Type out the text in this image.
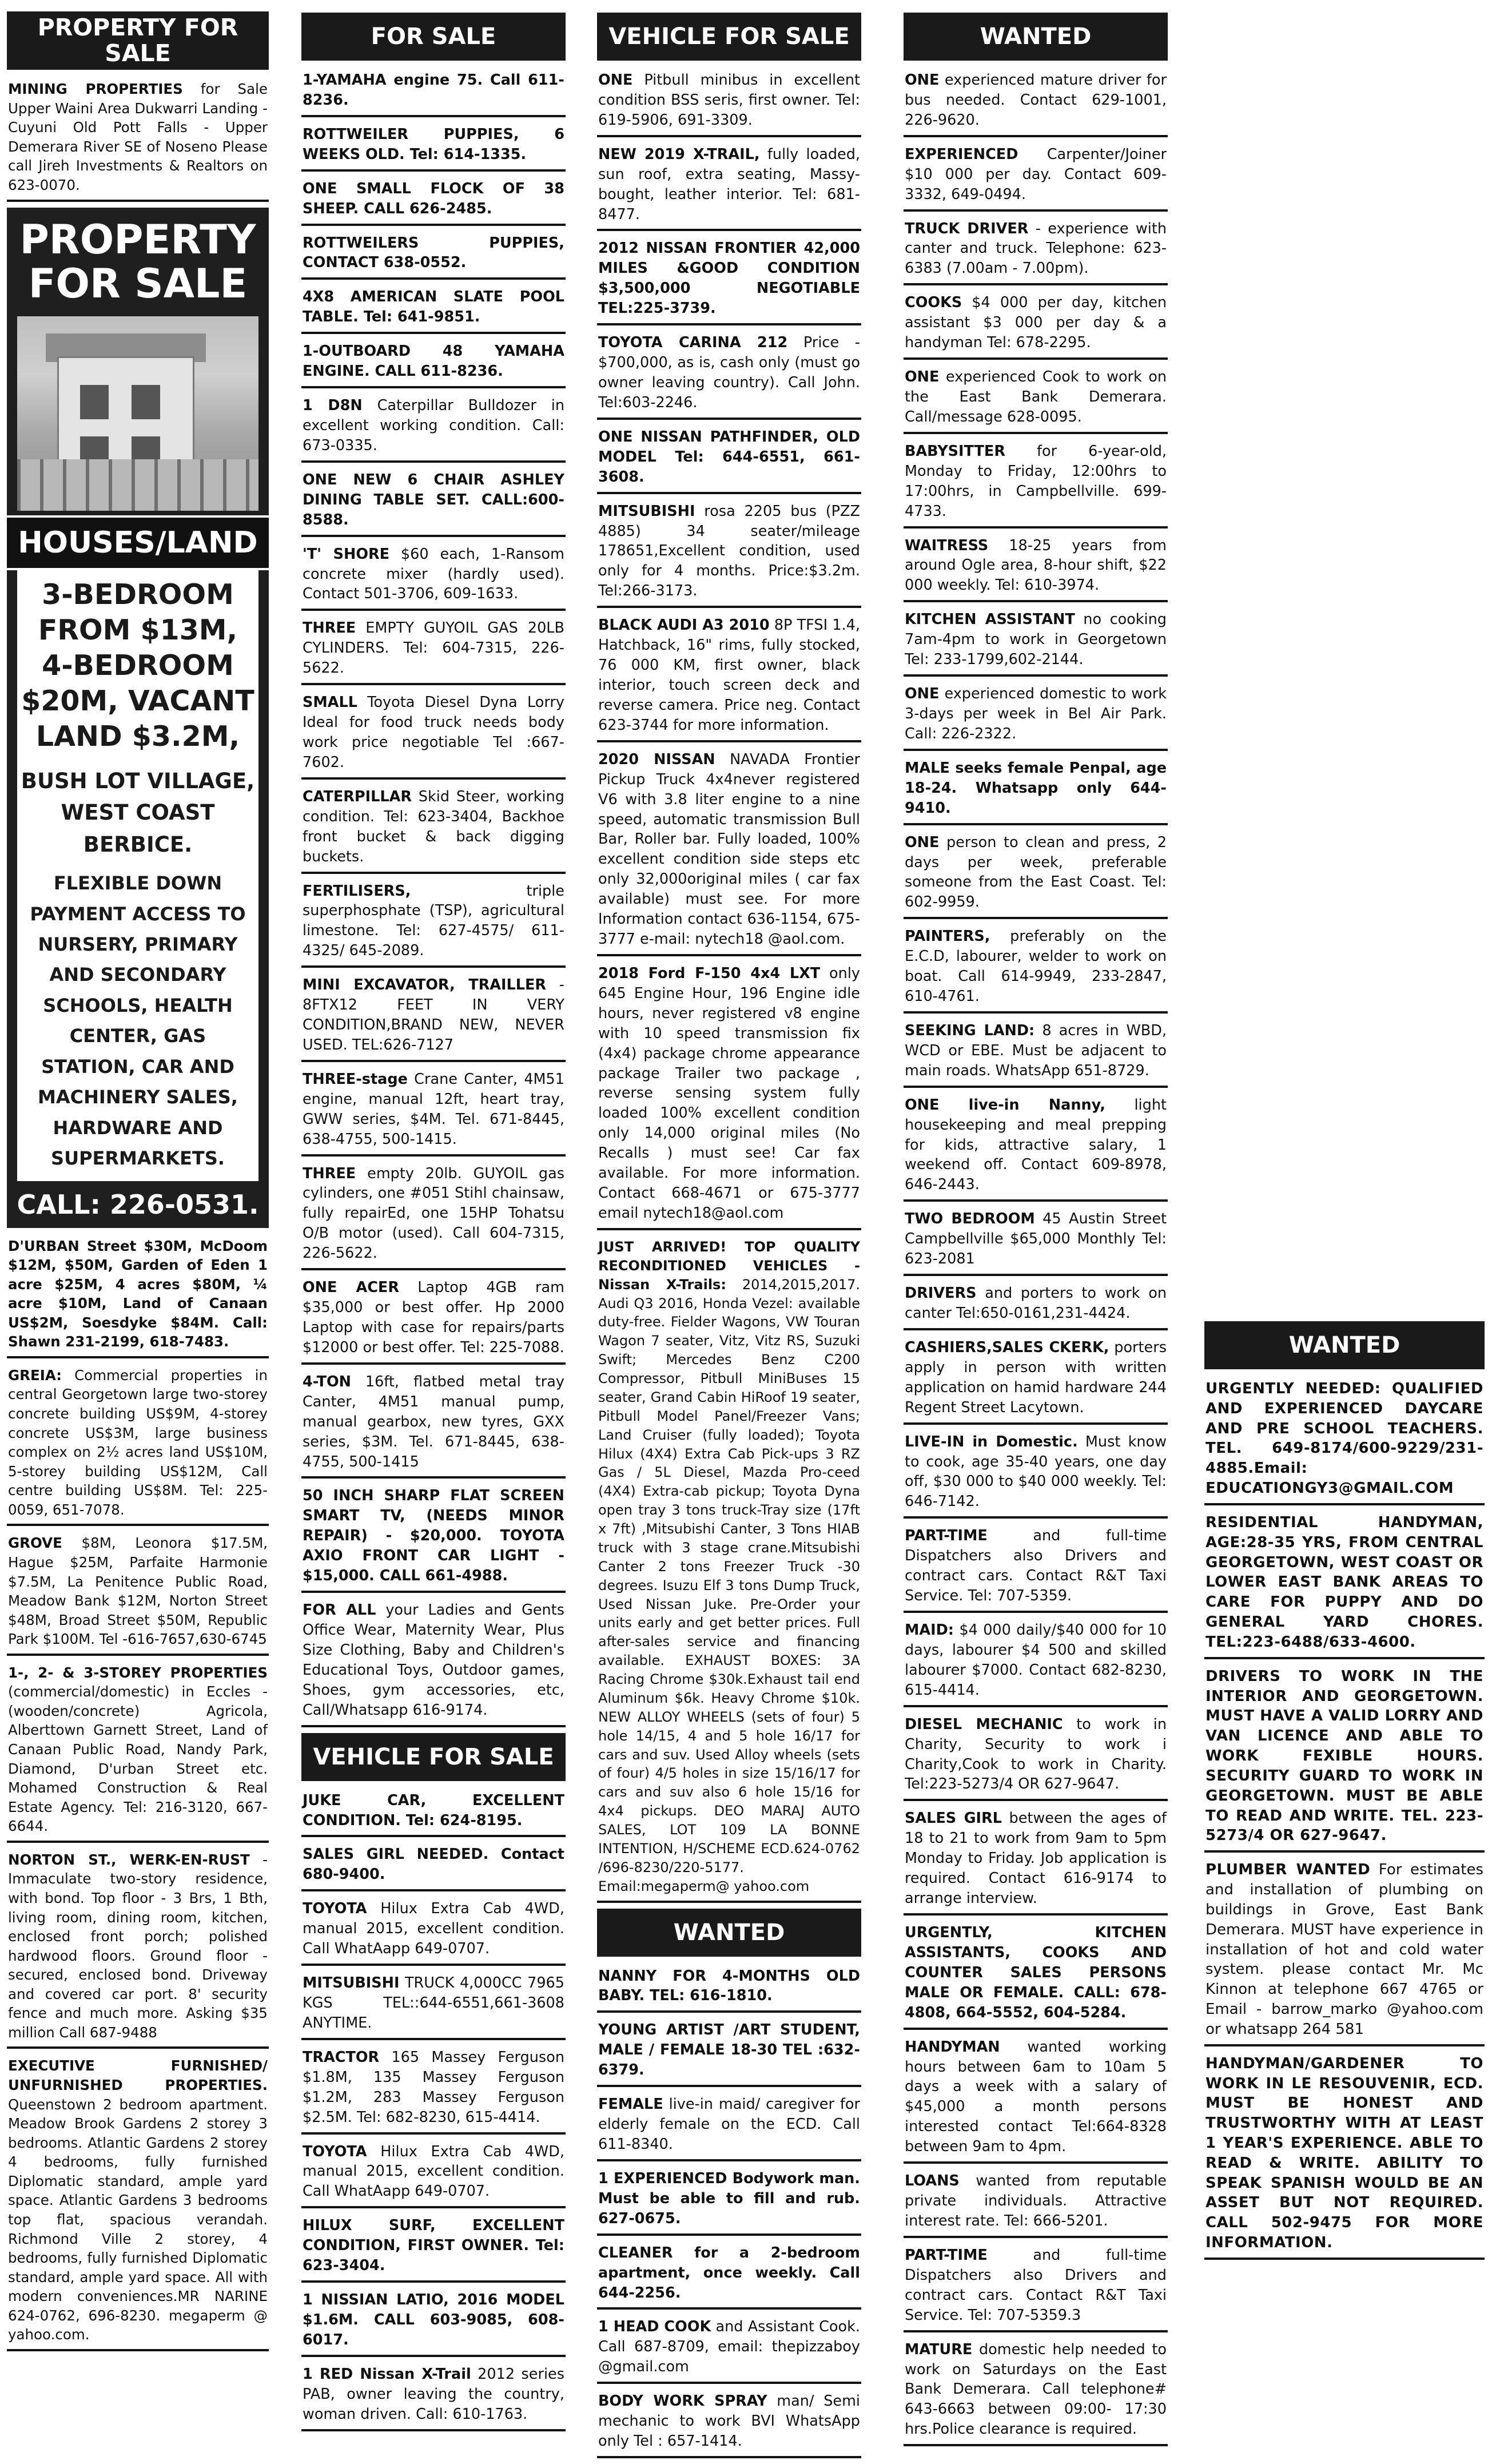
PROPERTY FOR SALE
MINING PROPERTIES for Sale Upper Waini Area Dukwarri Landing -Cuyuni Old Pott Falls - Upper Demerara River SE of Noseno Please call Jireh Investments & Realtors on 623-0070.
PROPERTY FOR SALE
HOUSES/LAND
3-BEDROOM FROM $13M, 4-BEDROOM $20M, VACANT LAND $3.2M,
BUSH LOT VILLAGE, WEST COAST BERBICE.
FLEXIBLE DOWN PAYMENT ACCESS TO NURSERY, PRIMARY AND SECONDARY SCHOOLS, HEALTH CENTER, GAS STATION, CAR AND MACHINERY SALES, HARDWARE AND SUPERMARKETS.
CALL: 226-0531.
D'URBAN Street $30M, McDoom $12M, $50M, Garden of Eden 1 acre $25M, 4 acres $80M, ¼ acre $10M, Land of Canaan US$2M, Soesdyke $84M. Call: Shawn 231-2199, 618-7483.
GREIA: Commercial properties in central Georgetown large two-storey concrete building US$9M, 4-storey concrete US$3M, large business complex on 2½ acres land US$10M, 5-storey building US$12M, Call centre building US$8M. Tel: 225-0059, 651-7078.
GROVE $8M, Leonora $17.5M, Hague $25M, Parfaite Harmonie $7.5M, La Penitence Public Road, Meadow Bank $12M, Norton Street $48M, Broad Street $50M, Republic Park $100M. Tel -616-7657,630-6745
1-, 2- & 3-STOREY PROPERTIES (commercial/domestic) in Eccles - (wooden/concrete) Agricola, Alberttown Garnett Street, Land of Canaan Public Road, Nandy Park, Diamond, D'urban Street etc. Mohamed Construction & Real Estate Agency. Tel: 216-3120, 667-6644.
NORTON ST., WERK-EN-RUST - Immaculate two-story residence, with bond. Top floor - 3 Brs, 1 Bth, living room, dining room, kitchen, enclosed front porch; polished hardwood floors. Ground floor - secured, enclosed bond. Driveway and covered car port. 8' security fence and much more. Asking $35 million Call 687-9488
EXECUTIVE FURNISHED/ UNFURNISHED PROPERTIES. Queenstown 2 bedroom apartment. Meadow Brook Gardens 2 storey 3 bedrooms. Atlantic Gardens 2 storey 4 bedrooms, fully furnished Diplomatic standard, ample yard space. Atlantic Gardens 3 bedrooms top flat, spacious verandah. Richmond Ville 2 storey, 4 bedrooms, fully furnished Diplomatic standard, ample yard space. All with modern conveniences.MR NARINE 624-0762, 696-8230. megaperm @ yahoo.com.
FOR SALE
1-YAMAHA engine 75. Call 611-8236.
ROTTWEILER PUPPIES, 6 WEEKS OLD. Tel: 614-1335.
ONE SMALL FLOCK OF 38 SHEEP. CALL 626-2485.
ROTTWEILERS PUPPIES, CONTACT 638-0552.
4X8 AMERICAN SLATE POOL TABLE. Tel: 641-9851.
1-OUTBOARD 48 YAMAHA ENGINE. CALL 611-8236.
1 D8N Caterpillar Bulldozer in excellent working condition. Call: 673-0335.
ONE NEW 6 CHAIR ASHLEY DINING TABLE SET. CALL:600-8588.
'T' SHORE $60 each, 1-Ransom concrete mixer (hardly used). Contact 501-3706, 609-1633.
THREE EMPTY GUYOIL GAS 20LB CYLINDERS. Tel: 604-7315, 226-5622.
SMALL Toyota Diesel Dyna Lorry Ideal for food truck needs body work price negotiable Tel :667-7602.
CATERPILLAR Skid Steer, working condition. Tel: 623-3404, Backhoe front bucket & back digging buckets.
FERTILISERS, triple superphosphate (TSP), agricultural limestone. Tel: 627-4575/ 611-4325/ 645-2089.
MINI EXCAVATOR, TRAILLER - 8FTX12 FEET IN VERY CONDITION,BRAND NEW, NEVER USED. TEL:626-7127
THREE-stage Crane Canter, 4M51 engine, manual 12ft, heart tray, GWW series, $4M. Tel. 671-8445, 638-4755, 500-1415.
THREE empty 20lb. GUYOIL gas cylinders, one #051 Stihl chainsaw, fully repairEd, one 15HP Tohatsu O/B motor (used). Call 604-7315, 226-5622.
ONE ACER Laptop 4GB ram $35,000 or best offer. Hp 2000 Laptop with case for repairs/parts $12000 or best offer. Tel: 225-7088.
4-TON 16ft, flatbed metal tray Canter, 4M51 manual pump, manual gearbox, new tyres, GXX series, $3M. Tel. 671-8445, 638-4755, 500-1415
50 INCH SHARP FLAT SCREEN SMART TV, (NEEDS MINOR REPAIR) - $20,000. TOYOTA AXIO FRONT CAR LIGHT - $15,000. CALL 661-4988.
FOR ALL your Ladies and Gents Office Wear, Maternity Wear, Plus Size Clothing, Baby and Children's Educational Toys, Outdoor games, Shoes, gym accessories, etc, Call/Whatsapp 616-9174.
VEHICLE FOR SALE
JUKE CAR, EXCELLENT CONDITION. Tel: 624-8195.
SALES GIRL NEEDED. Contact 680-9400.
TOYOTA Hilux Extra Cab 4WD, manual 2015, excellent condition. Call WhatAapp 649-0707.
MITSUBISHI TRUCK 4,000CC 7965 KGS TEL::644-6551,661-3608 ANYTIME.
TRACTOR 165 Massey Ferguson $1.8M, 135 Massey Ferguson $1.2M, 283 Massey Ferguson $2.5M. Tel: 682-8230, 615-4414.
TOYOTA Hilux Extra Cab 4WD, manual 2015, excellent condition. Call WhatAapp 649-0707.
HILUX SURF, EXCELLENT CONDITION, FIRST OWNER. Tel: 623-3404.
1 NISSIAN LATIO, 2016 MODEL $1.6M. CALL 603-9085, 608-6017.
1 RED Nissan X-Trail 2012 series PAB, owner leaving the country, woman driven. Call: 610-1763.
VEHICLE FOR SALE
ONE Pitbull minibus in excellent condition BSS seris, first owner. Tel: 619-5906, 691-3309.
NEW 2019 X-TRAIL, fully loaded, sun roof, extra seating, Massy-bought, leather interior. Tel: 681-8477.
2012 NISSAN FRONTIER 42,000 MILES &GOOD CONDITION $3,500,000 NEGOTIABLE TEL:225-3739.
TOYOTA CARINA 212 Price - $700,000, as is, cash only (must go owner leaving country). Call John. Tel:603-2246.
ONE NISSAN PATHFINDER, OLD MODEL Tel: 644-6551, 661-3608.
MITSUBISHI rosa 2205 bus (PZZ 4885) 34 seater/mileage 178651,Excellent condition, used only for 4 months. Price:$3.2m. Tel:266-3173.
BLACK AUDI A3 2010 8P TFSI 1.4, Hatchback, 16" rims, fully stocked, 76 000 KM, first owner, black interior, touch screen deck and reverse camera. Price neg. Contact 623-3744 for more information.
2020 NISSAN NAVADA Frontier Pickup Truck 4x4never registered V6 with 3.8 liter engine to a nine speed, automatic transmission Bull Bar, Roller bar. Fully loaded, 100% excellent condition side steps etc only 32,000original miles ( car fax available) must see. For more Information contact 636-1154, 675-3777 e-mail: nytech18 @aol.com.
2018 Ford F-150 4x4 LXT only 645 Engine Hour, 196 Engine idle hours, never registered v8 engine with 10 speed transmission fix (4x4) package chrome appearance package Trailer two package , reverse sensing system fully loaded 100% excellent condition only 14,000 original miles (No Recalls ) must see! Car fax available. For more information. Contact 668-4671 or 675-3777 email nytech18@aol.com
JUST ARRIVED! TOP QUALITY RECONDITIONED VEHICLES - Nissan X-Trails: 2014,2015,2017. Audi Q3 2016, Honda Vezel: available duty-free. Fielder Wagons, VW Touran Wagon 7 seater, Vitz, Vitz RS, Suzuki Swift; Mercedes Benz C200 Compressor, Pitbull MiniBuses 15 seater, Grand Cabin HiRoof 19 seater, Pitbull Model Panel/Freezer Vans; Land Cruiser (fully loaded); Toyota Hilux (4X4) Extra Cab Pick-ups 3 RZ Gas / 5L Diesel, Mazda Pro-ceed (4X4) Extra-cab pickup; Toyota Dyna open tray 3 tons truck-Tray size (17ft x 7ft) ,Mitsubishi Canter, 3 Tons HIAB truck with 3 stage crane.Mitsubishi Canter 2 tons Freezer Truck -30 degrees. Isuzu Elf 3 tons Dump Truck, Used Nissan Juke. Pre-Order your units early and get better prices. Full after-sales service and financing available. EXHAUST BOXES: 3A Racing Chrome $30k.Exhaust tail end Aluminum $6k. Heavy Chrome $10k. NEW ALLOY WHEELS (sets of four) 5 hole 14/15, 4 and 5 hole 16/17 for cars and suv. Used Alloy wheels (sets of four) 4/5 holes in size 15/16/17 for cars and suv also 6 hole 15/16 for 4x4 pickups. DEO MARAJ AUTO SALES, LOT 109 LA BONNE INTENTION, H/SCHEME ECD.624-0762 /696-8230/220-5177. Email:megaperm@ yahoo.com
WANTED
NANNY FOR 4-MONTHS OLD BABY. TEL: 616-1810.
YOUNG ARTIST /ART STUDENT, MALE / FEMALE 18-30 TEL :632-6379.
FEMALE live-in maid/ caregiver for elderly female on the ECD. Call 611-8340.
1 EXPERIENCED Bodywork man. Must be able to fill and rub. 627-0675.
CLEANER for a 2-bedroom apartment, once weekly. Call 644-2256.
1 HEAD COOK and Assistant Cook. Call 687-8709, email: thepizzaboy @gmail.com
BODY WORK SPRAY man/ Semi mechanic to work BVI WhatsApp only Tel : 657-1414.
WANTED
ONE experienced mature driver for bus needed. Contact 629-1001, 226-9620.
EXPERIENCED Carpenter/Joiner $10 000 per day. Contact 609-3332, 649-0494.
TRUCK DRIVER - experience with canter and truck. Telephone: 623-6383 (7.00am - 7.00pm).
COOKS $4 000 per day, kitchen assistant $3 000 per day & a handyman Tel: 678-2295.
ONE experienced Cook to work on the East Bank Demerara. Call/message 628-0095.
BABYSITTER for 6-year-old, Monday to Friday, 12:00hrs to 17:00hrs, in Campbellville. 699-4733.
WAITRESS 18-25 years from around Ogle area, 8-hour shift, $22 000 weekly. Tel: 610-3974.
KITCHEN ASSISTANT no cooking 7am-4pm to work in Georgetown Tel: 233-1799,602-2144.
ONE experienced domestic to work 3-days per week in Bel Air Park. Call: 226-2322.
MALE seeks female Penpal, age 18-24. Whatsapp only 644-9410.
ONE person to clean and press, 2 days per week, preferable someone from the East Coast. Tel: 602-9959.
PAINTERS, preferably on the E.C.D, labourer, welder to work on boat. Call 614-9949, 233-2847, 610-4761.
SEEKING LAND: 8 acres in WBD, WCD or EBE. Must be adjacent to main roads. WhatsApp 651-8729.
ONE live-in Nanny, light housekeeping and meal prepping for kids, attractive salary, 1 weekend off. Contact 609-8978, 646-2443.
TWO BEDROOM 45 Austin Street Campbellville $65,000 Monthly Tel: 623-2081
DRIVERS and porters to work on canter Tel:650-0161,231-4424.
CASHIERS,SALES CKERK, porters apply in person with written application on hamid hardware 244 Regent Street Lacytown.
LIVE-IN in Domestic. Must know to cook, age 35-40 years, one day off, $30 000 to $40 000 weekly. Tel: 646-7142.
PART-TIME and full-time Dispatchers also Drivers and contract cars. Contact R&T Taxi Service. Tel: 707-5359.
MAID: $4 000 daily/$40 000 for 10 days, labourer $4 500 and skilled labourer $7000. Contact 682-8230, 615-4414.
DIESEL MECHANIC to work in Charity, Security to work i Charity,Cook to work in Charity. Tel:223-5273/4 OR 627-9647.
SALES GIRL between the ages of 18 to 21 to work from 9am to 5pm Monday to Friday. Job application is required. Contact 616-9174 to arrange interview.
URGENTLY, KITCHEN ASSISTANTS, COOKS AND COUNTER SALES PERSONS MALE OR FEMALE. CALL: 678-4808, 664-5552, 604-5284.
HANDYMAN wanted working hours between 6am to 10am 5 days a week with a salary of $45,000 a month persons interested contact Tel:664-8328 between 9am to 4pm.
LOANS wanted from reputable private individuals. Attractive interest rate. Tel: 666-5201.
PART-TIME and full-time Dispatchers also Drivers and contract cars. Contact R&T Taxi Service. Tel: 707-5359.3
MATURE domestic help needed to work on Saturdays on the East Bank Demerara. Call telephone# 643-6663 between 09:00- 17:30 hrs.Police clearance is required.
WANTED
URGENTLY NEEDED: QUALIFIED AND EXPERIENCED DAYCARE AND PRE SCHOOL TEACHERS. TEL. 649-8174/600-9229/231-4885.Email: EDUCATIONGY3@GMAIL.COM
RESIDENTIAL HANDYMAN, AGE:28-35 YRS, FROM CENTRAL GEORGETOWN, WEST COAST OR LOWER EAST BANK AREAS TO CARE FOR PUPPY AND DO GENERAL YARD CHORES. TEL:223-6488/633-4600.
DRIVERS TO WORK IN THE INTERIOR AND GEORGETOWN. MUST HAVE A VALID LORRY AND VAN LICENCE AND ABLE TO WORK FEXIBLE HOURS. SECURITY GUARD TO WORK IN GEORGETOWN. MUST BE ABLE TO READ AND WRITE. TEL. 223-5273/4 OR 627-9647.
PLUMBER WANTED For estimates and installation of plumbing on buildings in Grove, East Bank Demerara. MUST have experience in installation of hot and cold water system. please contact Mr. Mc Kinnon at telephone 667 4765 or Email - barrow_marko @yahoo.com or whatsapp 264 581
HANDYMAN/GARDENER TO WORK IN LE RESOUVENIR, ECD. MUST BE HONEST AND TRUSTWORTHY WITH AT LEAST 1 YEAR'S EXPERIENCE. ABLE TO READ & WRITE. ABILITY TO SPEAK SPANISH WOULD BE AN ASSET BUT NOT REQUIRED. CALL 502-9475 FOR MORE INFORMATION.
